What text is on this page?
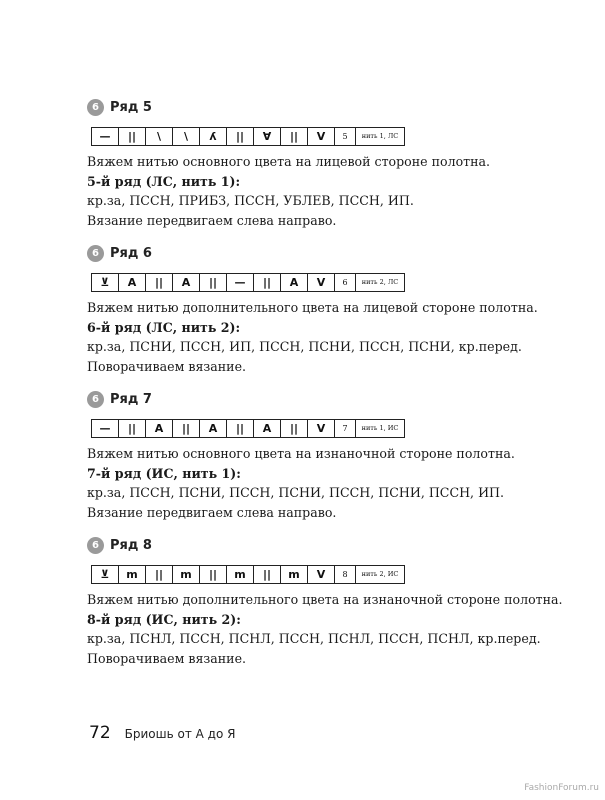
6 Ряд 5
—	||	\	\	ʎ	||	∀	||	V	5	нить 1, ЛС

Вяжем нитью основного цвета на лицевой стороне полотна.

5-й ряд (ЛС, нить 1):

кр.за, ПССН, ПРИБЗ, ПССН, УБЛЕВ, ПССН, ИП.

Вязание передвигаем слева направо.

6 Ряд 6
⊻	A	||	A	||	—	||	A	V	6	нить 2, ЛС

Вяжем нитью дополнительного цвета на лицевой стороне полотна.

6-й ряд (ЛС, нить 2):

кр.за, ПСНИ, ПССН, ИП, ПССН, ПСНИ, ПССН, ПСНИ, кр.перед.

Поворачиваем вязание.

6 Ряд 7
—	||	A	||	A	||	A	||	V	7	нить 1, ИС

Вяжем нитью основного цвета на изнаночной стороне полотна.

7-й ряд (ИС, нить 1):

кр.за, ПССН, ПСНИ, ПССН, ПСНИ, ПССН, ПСНИ, ПССН, ИП.

Вязание передвигаем слева направо.

6 Ряд 8
⊻	m	||	m	||	m	||	m	V	8	нить 2, ИС

Вяжем нитью дополнительного цвета на изнаночной стороне полотна.

8-й ряд (ИС, нить 2):

кр.за, ПСНЛ, ПССН, ПСНЛ, ПССН, ПСНЛ, ПССН, ПСНЛ, кр.перед.

Поворачиваем вязание.

72 Бриошь от А до Я
FashionForum.ru
